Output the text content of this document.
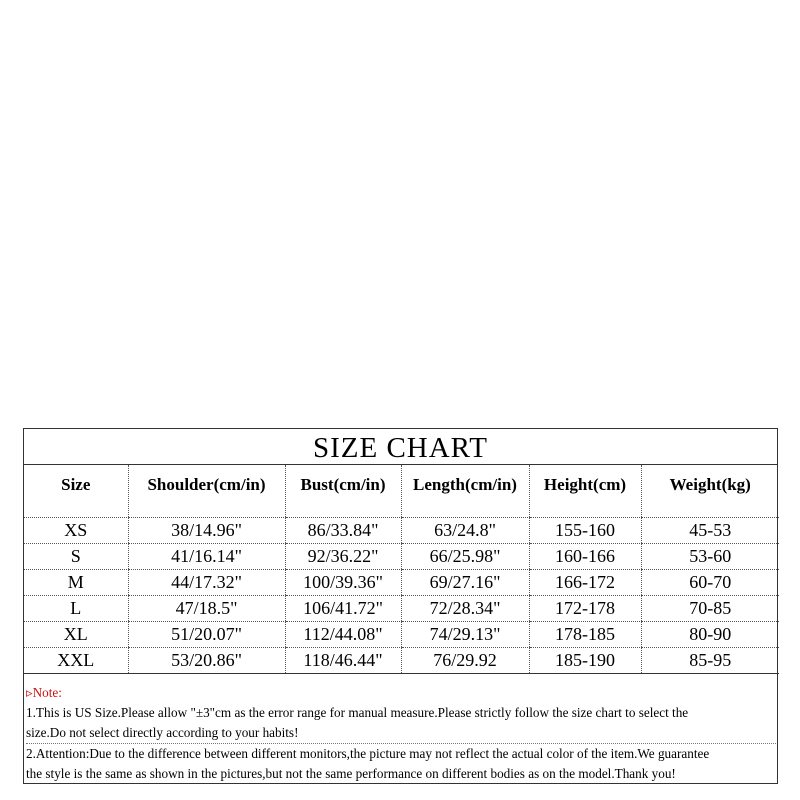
SIZE CHART
Size	Shoulder(cm/in)	Bust(cm/in)	Length(cm/in)	Height(cm)	Weight(kg)
XS	38/14.96"	86/33.84"	63/24.8"	155-160	45-53
S	41/16.14"	92/36.22"	66/25.98"	160-166	53-60
M	44/17.32"	100/39.36"	69/27.16"	166-172	60-70
L	47/18.5"	106/41.72"	72/28.34"	172-178	70-85
XL	51/20.07"	112/44.08"	74/29.13"	178-185	80-90
XXL	53/20.86"	118/46.44"	76/29.92	185-190	85-95
▹Note:
1.This is US Size.Please allow "±3"cm as the error range for manual measure.Please strictly follow the size chart to select the
size.Do not select directly according to your habits!
2.Attention:Due to the difference between different monitors,the picture may not reflect the actual color of the item.We guarantee
the style is the same as shown in the pictures,but not the same performance on different bodies as on the model.Thank you!
